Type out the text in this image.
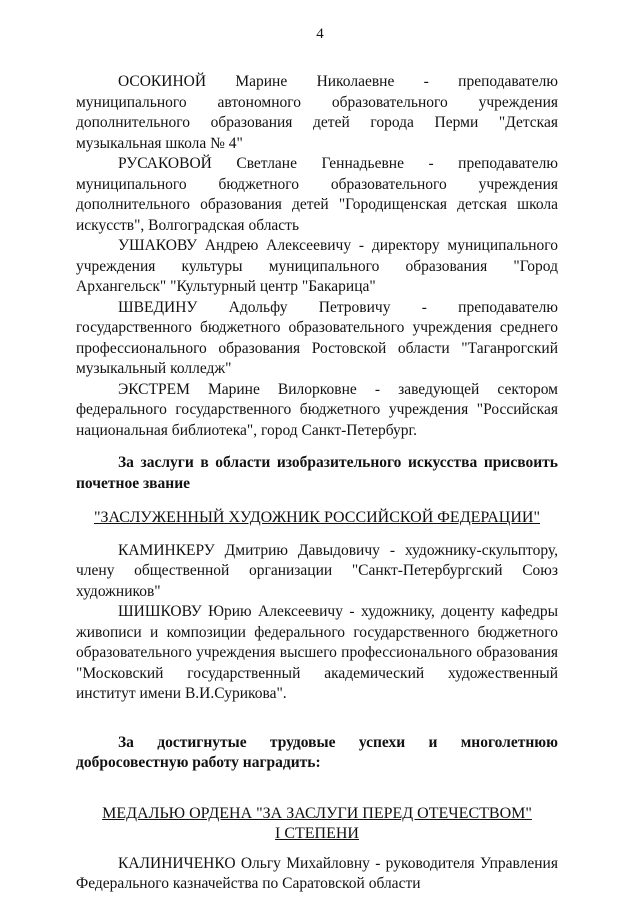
4

ОСОКИНОЙ Марине Николаевне - преподавателю муниципального автономного образовательного учреждения дополнительного образования детей города Перми "Детская музыкальная школа № 4"

РУСАКОВОЙ Светлане Геннадьевне - преподавателю муниципального бюджетного образовательного учреждения дополнительного образования детей "Городищенская детская школа искусств", Волгоградская область

УШАКОВУ Андрею Алексеевичу - директору муниципального учреждения культуры муниципального образования "Город Архангельск" "Культурный центр "Бакарица"

ШВЕДИНУ Адольфу Петровичу - преподавателю государственного бюджетного образовательного учреждения среднего профессионального образования Ростовской области "Таганрогский музыкальный колледж"

ЭКСТРЕМ Марине Вилорковне - заведующей сектором федерального государственного бюджетного учреждения "Российская национальная библиотека", город Санкт-Петербург.

За заслуги в области изобразительного искусства присвоить почетное звание

"ЗАСЛУЖЕННЫЙ ХУДОЖНИК РОССИЙСКОЙ ФЕДЕРАЦИИ"

КАМИНКЕРУ Дмитрию Давыдовичу - художнику-скульптору, члену общественной организации "Санкт-Петербургский Союз художников"

ШИШКОВУ Юрию Алексеевичу - художнику, доценту кафедры живописи и композиции федерального государственного бюджетного образовательного учреждения высшего профессионального образования "Московский государственный академический художественный институт имени В.И.Сурикова".

За достигнутые трудовые успехи и многолетнюю добросовестную работу наградить:

МЕДАЛЬЮ ОРДЕНА "ЗА ЗАСЛУГИ ПЕРЕД ОТЕЧЕСТВОМ"
I СТЕПЕНИ

КАЛИНИЧЕНКО Ольгу Михайловну - руководителя Управления Федерального казначейства по Саратовской области
